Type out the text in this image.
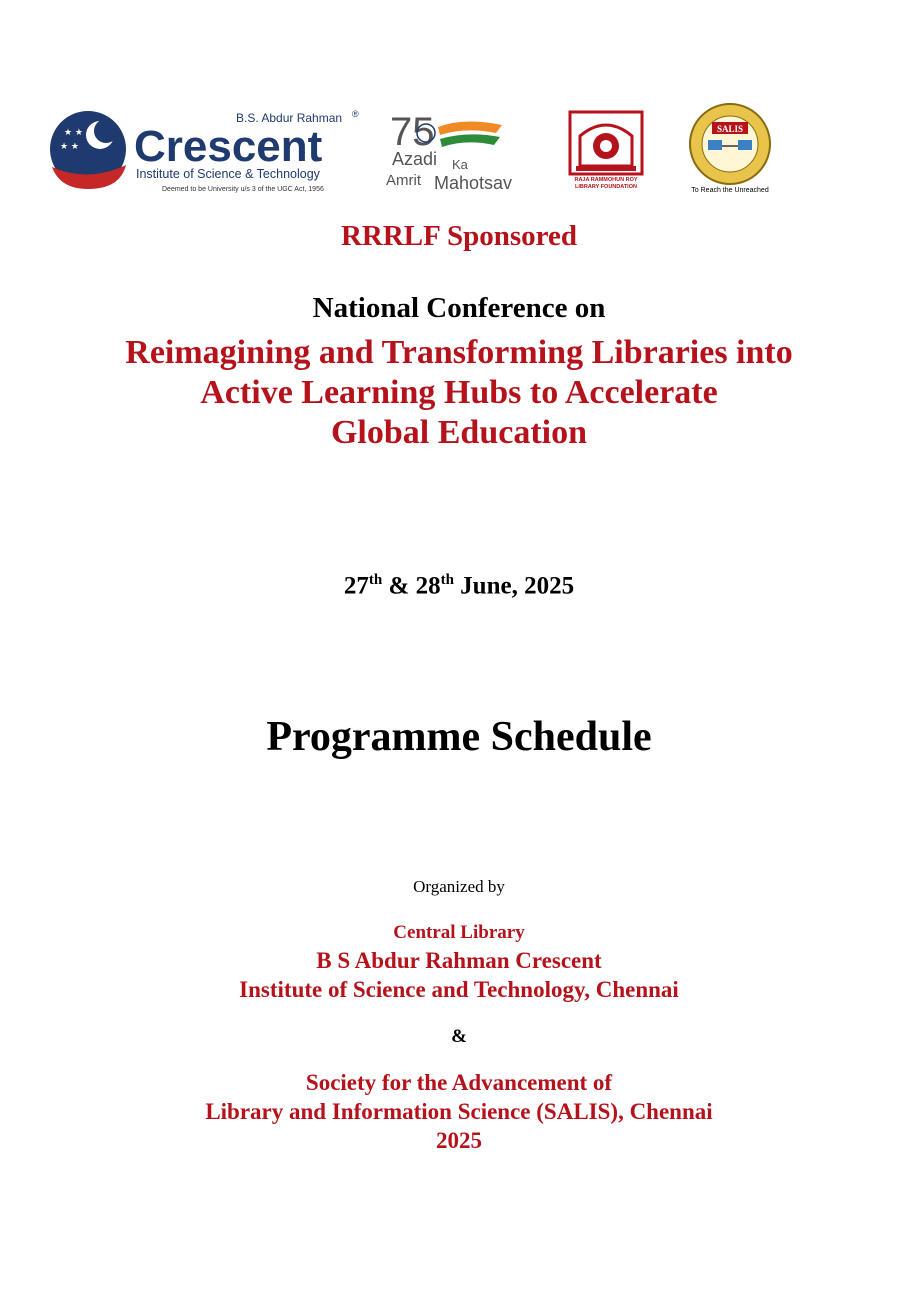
★ ★
★ ★
B.S. Abdur Rahman ®
Crescent
Institute of Science & Technology
Deemed to be University u/s 3 of the UGC Act, 1956
75
Azadi Ka
Amrit Mahotsav	RAJA RAMMOHUN ROY
LIBRARY FOUNDATION
SALIS
To Reach the Unreached
RRRLF Sponsored
National Conference on
Reimagining and Transforming Libraries into
Active Learning Hubs to Accelerate
Global Education
27th & 28th June, 2025
Programme Schedule
Organized by
Central Library
B S Abdur Rahman Crescent
Institute of Science and Technology, Chennai
&
Society for the Advancement of
Library and Information Science (SALIS), Chennai
2025
